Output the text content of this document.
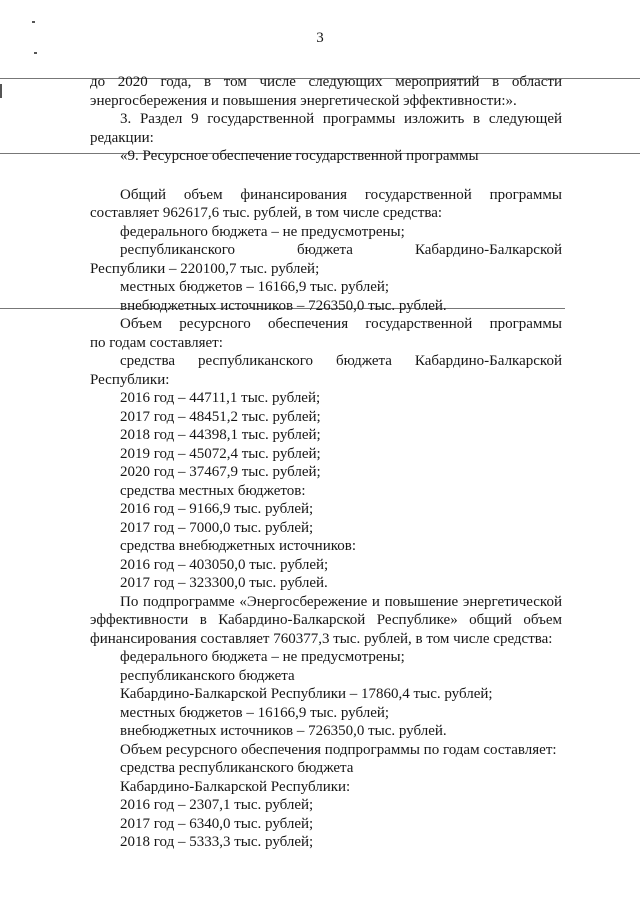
3
до 2020 года, в том числе следующих мероприятий в области
энергосбережения и повышения энергетической эффективности:».
3. Раздел 9 государственной программы изложить в следующей
редакции:
«9. Ресурсное обеспечение государственной программы
Общий объем финансирования государственной программы
составляет 962617,6 тыс. рублей, в том числе средства:
федерального бюджета – не предусмотрены;
республиканского бюджета Кабардино-Балкарской
Республики – 220100,7 тыс. рублей;
местных бюджетов – 16166,9 тыс. рублей;
внебюджетных источников – 726350,0 тыс. рублей.
Объем ресурсного обеспечения государственной программы
по годам составляет:
средства республиканского бюджета Кабардино-Балкарской
Республики:
2016 год – 44711,1 тыс. рублей;
2017 год – 48451,2 тыс. рублей;
2018 год – 44398,1 тыс. рублей;
2019 год – 45072,4 тыс. рублей;
2020 год – 37467,9 тыс. рублей;
средства местных бюджетов:
2016 год – 9166,9 тыс. рублей;
2017 год – 7000,0 тыс. рублей;
средства внебюджетных источников:
2016 год – 403050,0 тыс. рублей;
2017 год – 323300,0 тыс. рублей.
По подпрограмме «Энергосбережение и повышение энергетической
эффективности в Кабардино-Балкарской Республике» общий объем
финансирования составляет 760377,3 тыс. рублей, в том числе средства:
федерального бюджета – не предусмотрены;
республиканского бюджета
Кабардино-Балкарской Республики – 17860,4 тыс. рублей;
местных бюджетов – 16166,9 тыс. рублей;
внебюджетных источников – 726350,0 тыс. рублей.
Объем ресурсного обеспечения подпрограммы по годам составляет:
средства республиканского бюджета
Кабардино-Балкарской Республики:
2016 год – 2307,1 тыс. рублей;
2017 год – 6340,0 тыс. рублей;
2018 год – 5333,3 тыс. рублей;
